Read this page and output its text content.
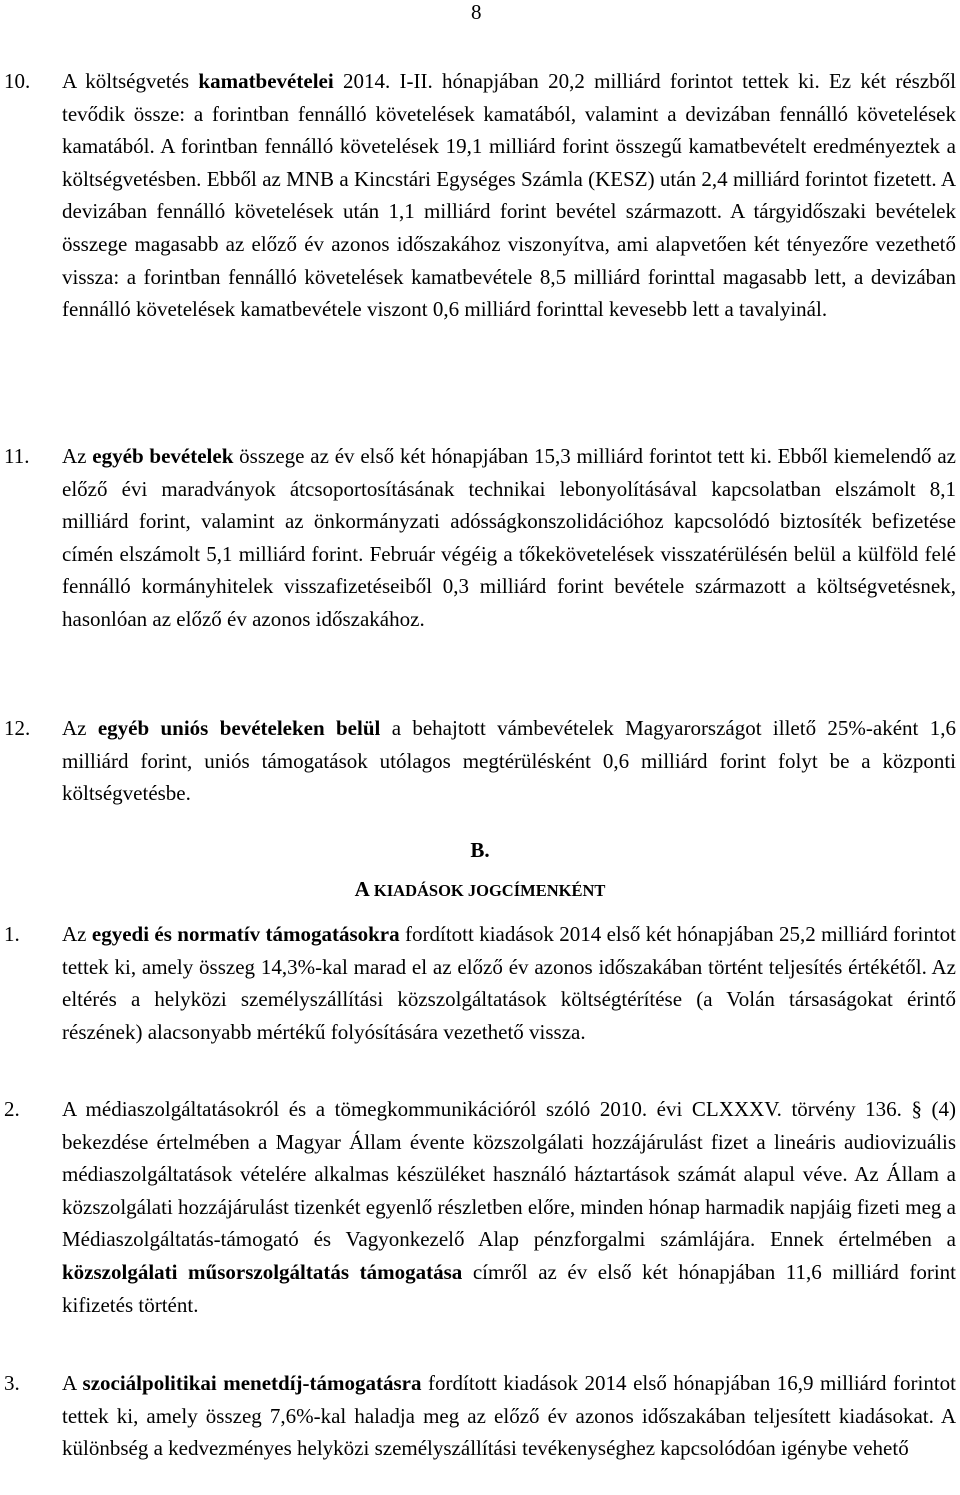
8
10. A költségvetés kamatbevételei 2014. I-II. hónapjában 20,2 milliárd forintot tettek ki. Ez két részből tevődik össze: a forintban fennálló követelések kamatából, valamint a devizában fennálló követelések kamatából. A forintban fennálló követelések 19,1 milliárd forint összegű kamatbevételt eredményeztek a költségvetésben. Ebből az MNB a Kincstári Egységes Számla (KESZ) után 2,4 milliárd forintot fizetett. A devizában fennálló követelések után 1,1 milliárd forint bevétel származott. A tárgyidőszaki bevételek összege magasabb az előző év azonos időszakához viszonyítva, ami alapvetően két tényezőre vezethető vissza: a forintban fennálló követelések kamatbevétele 8,5 milliárd forinttal magasabb lett, a devizában fennálló követelések kamatbevétele viszont 0,6 milliárd forinttal kevesebb lett a tavalyinál.
11. Az egyéb bevételek összege az év első két hónapjában 15,3 milliárd forintot tett ki. Ebből kiemelendő az előző évi maradványok átcsoportosításának technikai lebonyolításával kapcsolatban elszámolt 8,1 milliárd forint, valamint az önkormányzati adósságkonszolidációhoz kapcsolódó biztosíték befizetése címén elszámolt 5,1 milliárd forint. Február végéig a tőkekövetelések visszatérülésén belül a külföld felé fennálló kormányhitelek visszafizetéseiből 0,3 milliárd forint bevétele származott a költségvetésnek, hasonlóan az előző év azonos időszakához.
12. Az egyéb uniós bevételeken belül a behajtott vámbevételek Magyarországot illető 25%-aként 1,6 milliárd forint, uniós támogatások utólagos megtérülésként 0,6 milliárd forint folyt be a központi költségvetésbe.
B.
A KIADÁSOK JOGCÍMENKÉNT
1. Az egyedi és normatív támogatásokra fordított kiadások 2014 első két hónapjában 25,2 milliárd forintot tettek ki, amely összeg 14,3%-kal marad el az előző év azonos időszakában történt teljesítés értékétől. Az eltérés a helyközi személyszállítási közszolgáltatások költségtérítése (a Volán társaságokat érintő részének) alacsonyabb mértékű folyósítására vezethető vissza.
2. A médiaszolgáltatásokról és a tömegkommunikációról szóló 2010. évi CLXXXV. törvény 136. § (4) bekezdése értelmében a Magyar Állam évente közszolgálati hozzájárulást fizet a lineáris audiovizuális médiaszolgáltatások vételére alkalmas készüléket használó háztartások számát alapul véve. Az Állam a közszolgálati hozzájárulást tizenkét egyenlő részletben előre, minden hónap harmadik napjáig fizeti meg a Médiaszolgáltatás-támogató és Vagyonkezelő Alap pénzforgalmi számlájára. Ennek értelmében a közszolgálati műsorszolgáltatás támogatása címről az év első két hónapjában 11,6 milliárd forint kifizetés történt.
3. A szociálpolitikai menetdíj-támogatásra fordított kiadások 2014 első hónapjában 16,9 milliárd forintot tettek ki, amely összeg 7,6%-kal haladja meg az előző év azonos időszakában teljesített kiadásokat. A különbség a kedvezményes helyközi személyszállítási tevékenységhez kapcsolódóan igénybe vehető
